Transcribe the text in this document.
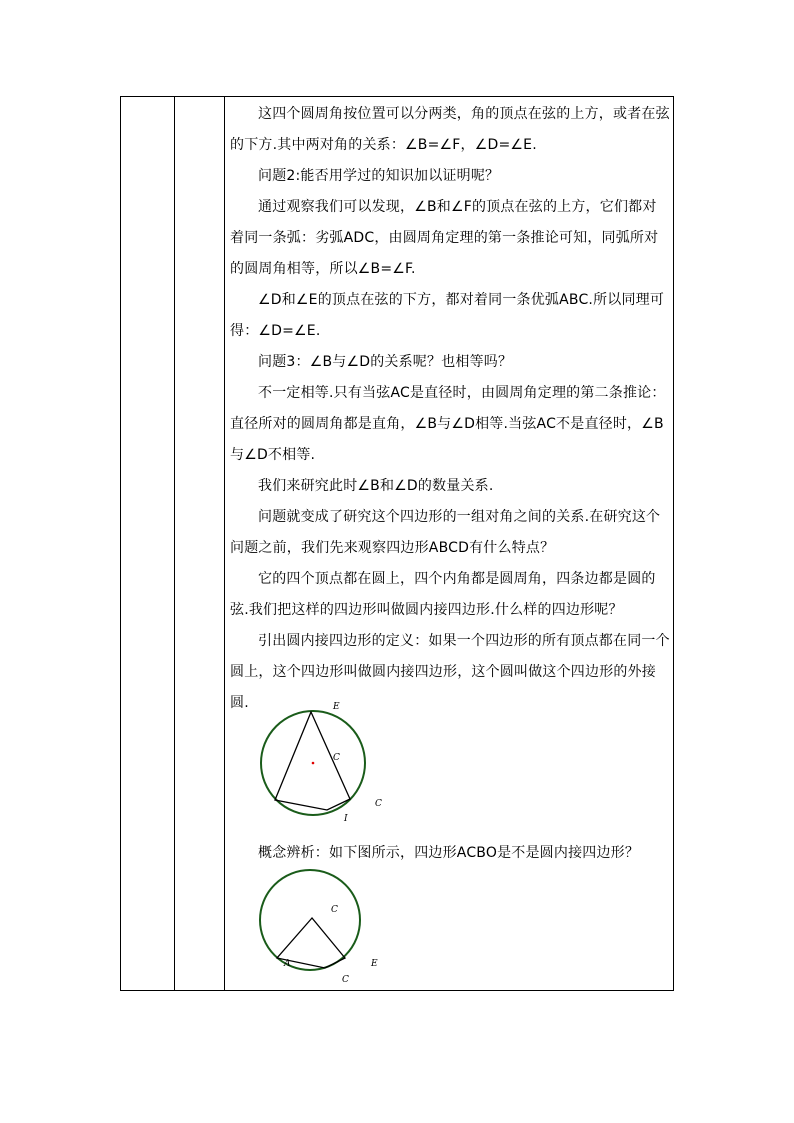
这四个圆周角按位置可以分两类，角的顶点在弦的上方，或者在弦的下方.其中两对角的关系：∠B=∠F，∠D=∠E.

问题2:能否用学过的知识加以证明呢？

通过观察我们可以发现，∠B和∠F的顶点在弦的上方，它们都对着同一条弧：劣弧ADC，由圆周角定理的第一条推论可知，同弧所对的圆周角相等，所以∠B=∠F.

∠D和∠E的顶点在弦的下方，都对着同一条优弧ABC.所以同理可得：∠D=∠E.

问题3：∠B与∠D的关系呢？也相等吗？

不一定相等.只有当弦AC是直径时，由圆周角定理的第二条推论：直径所对的圆周角都是直角，∠B与∠D相等.当弦AC不是直径时，∠B与∠D不相等.

我们来研究此时∠B和∠D的数量关系.

问题就变成了研究这个四边形的一组对角之间的关系.在研究这个问题之前，我们先来观察四边形ABCD有什么特点？

它的四个顶点都在圆上，四个内角都是圆周角，四条边都是圆的弦.我们把这样的四边形叫做圆内接四边形.什么样的四边形呢？

引出圆内接四边形的定义：如果一个四边形的所有顶点都在同一个圆上，这个四边形叫做圆内接四边形，这个圆叫做这个四边形的外接圆.	E
C
I
C

概念辨析：如下图所示，四边形ACBO是不是圆内接四边形？

C
A	E
C
